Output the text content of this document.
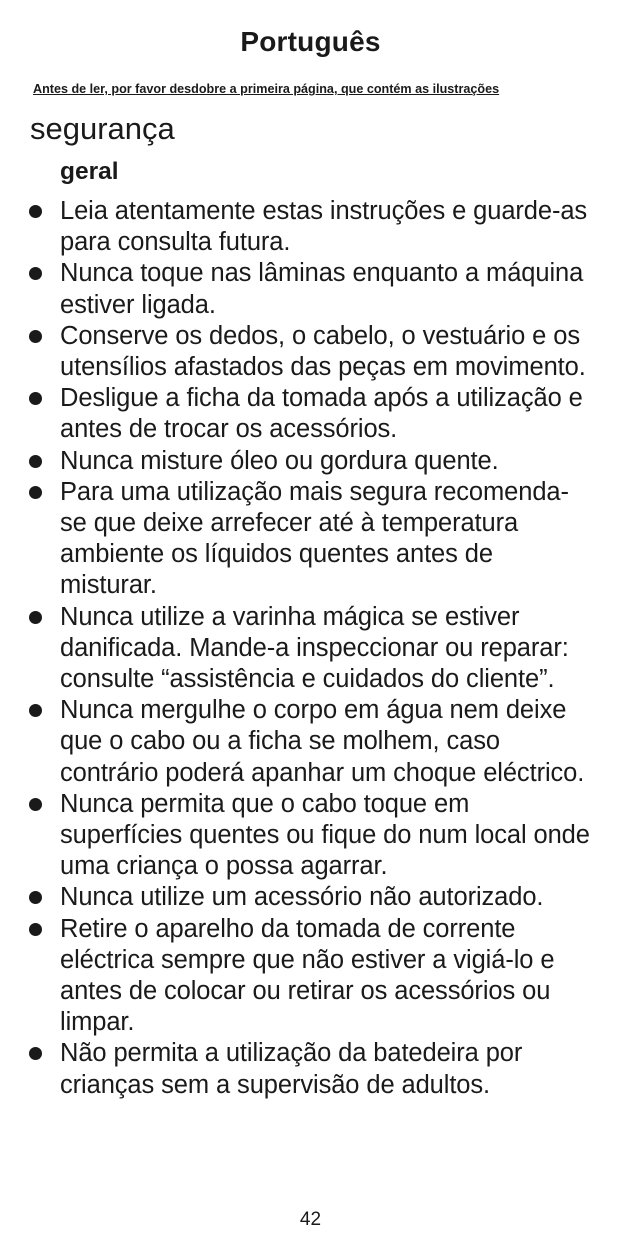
Português
Antes de ler, por favor desdobre a primeira página, que contém as ilustrações
segurança
geral
Leia atentamente estas instruções e guarde-as para consulta futura.
Nunca toque nas lâminas enquanto a máquina estiver ligada.
Conserve os dedos, o cabelo, o vestuário e os utensílios afastados das peças em movimento.
Desligue a ficha da tomada após a utilização e antes de trocar os acessórios.
Nunca misture óleo ou gordura quente.
Para uma utilização mais segura recomenda-se que deixe arrefecer até à temperatura ambiente os líquidos quentes antes de misturar.
Nunca utilize a varinha mágica se estiver danificada. Mande-a inspeccionar ou reparar: consulte “assistência e cuidados do cliente”.
Nunca mergulhe o corpo em água nem deixe que o cabo ou a ficha se molhem, caso contrário poderá apanhar um choque eléctrico.
Nunca permita que o cabo toque em superfícies quentes ou fique do num local onde uma criança o possa agarrar.
Nunca utilize um acessório não autorizado.
Retire o aparelho da tomada de corrente eléctrica sempre que não estiver a vigiá-lo e antes de colocar ou retirar os acessórios ou limpar.
Não permita a utilização da batedeira por crianças sem a supervisão de adultos.
42
